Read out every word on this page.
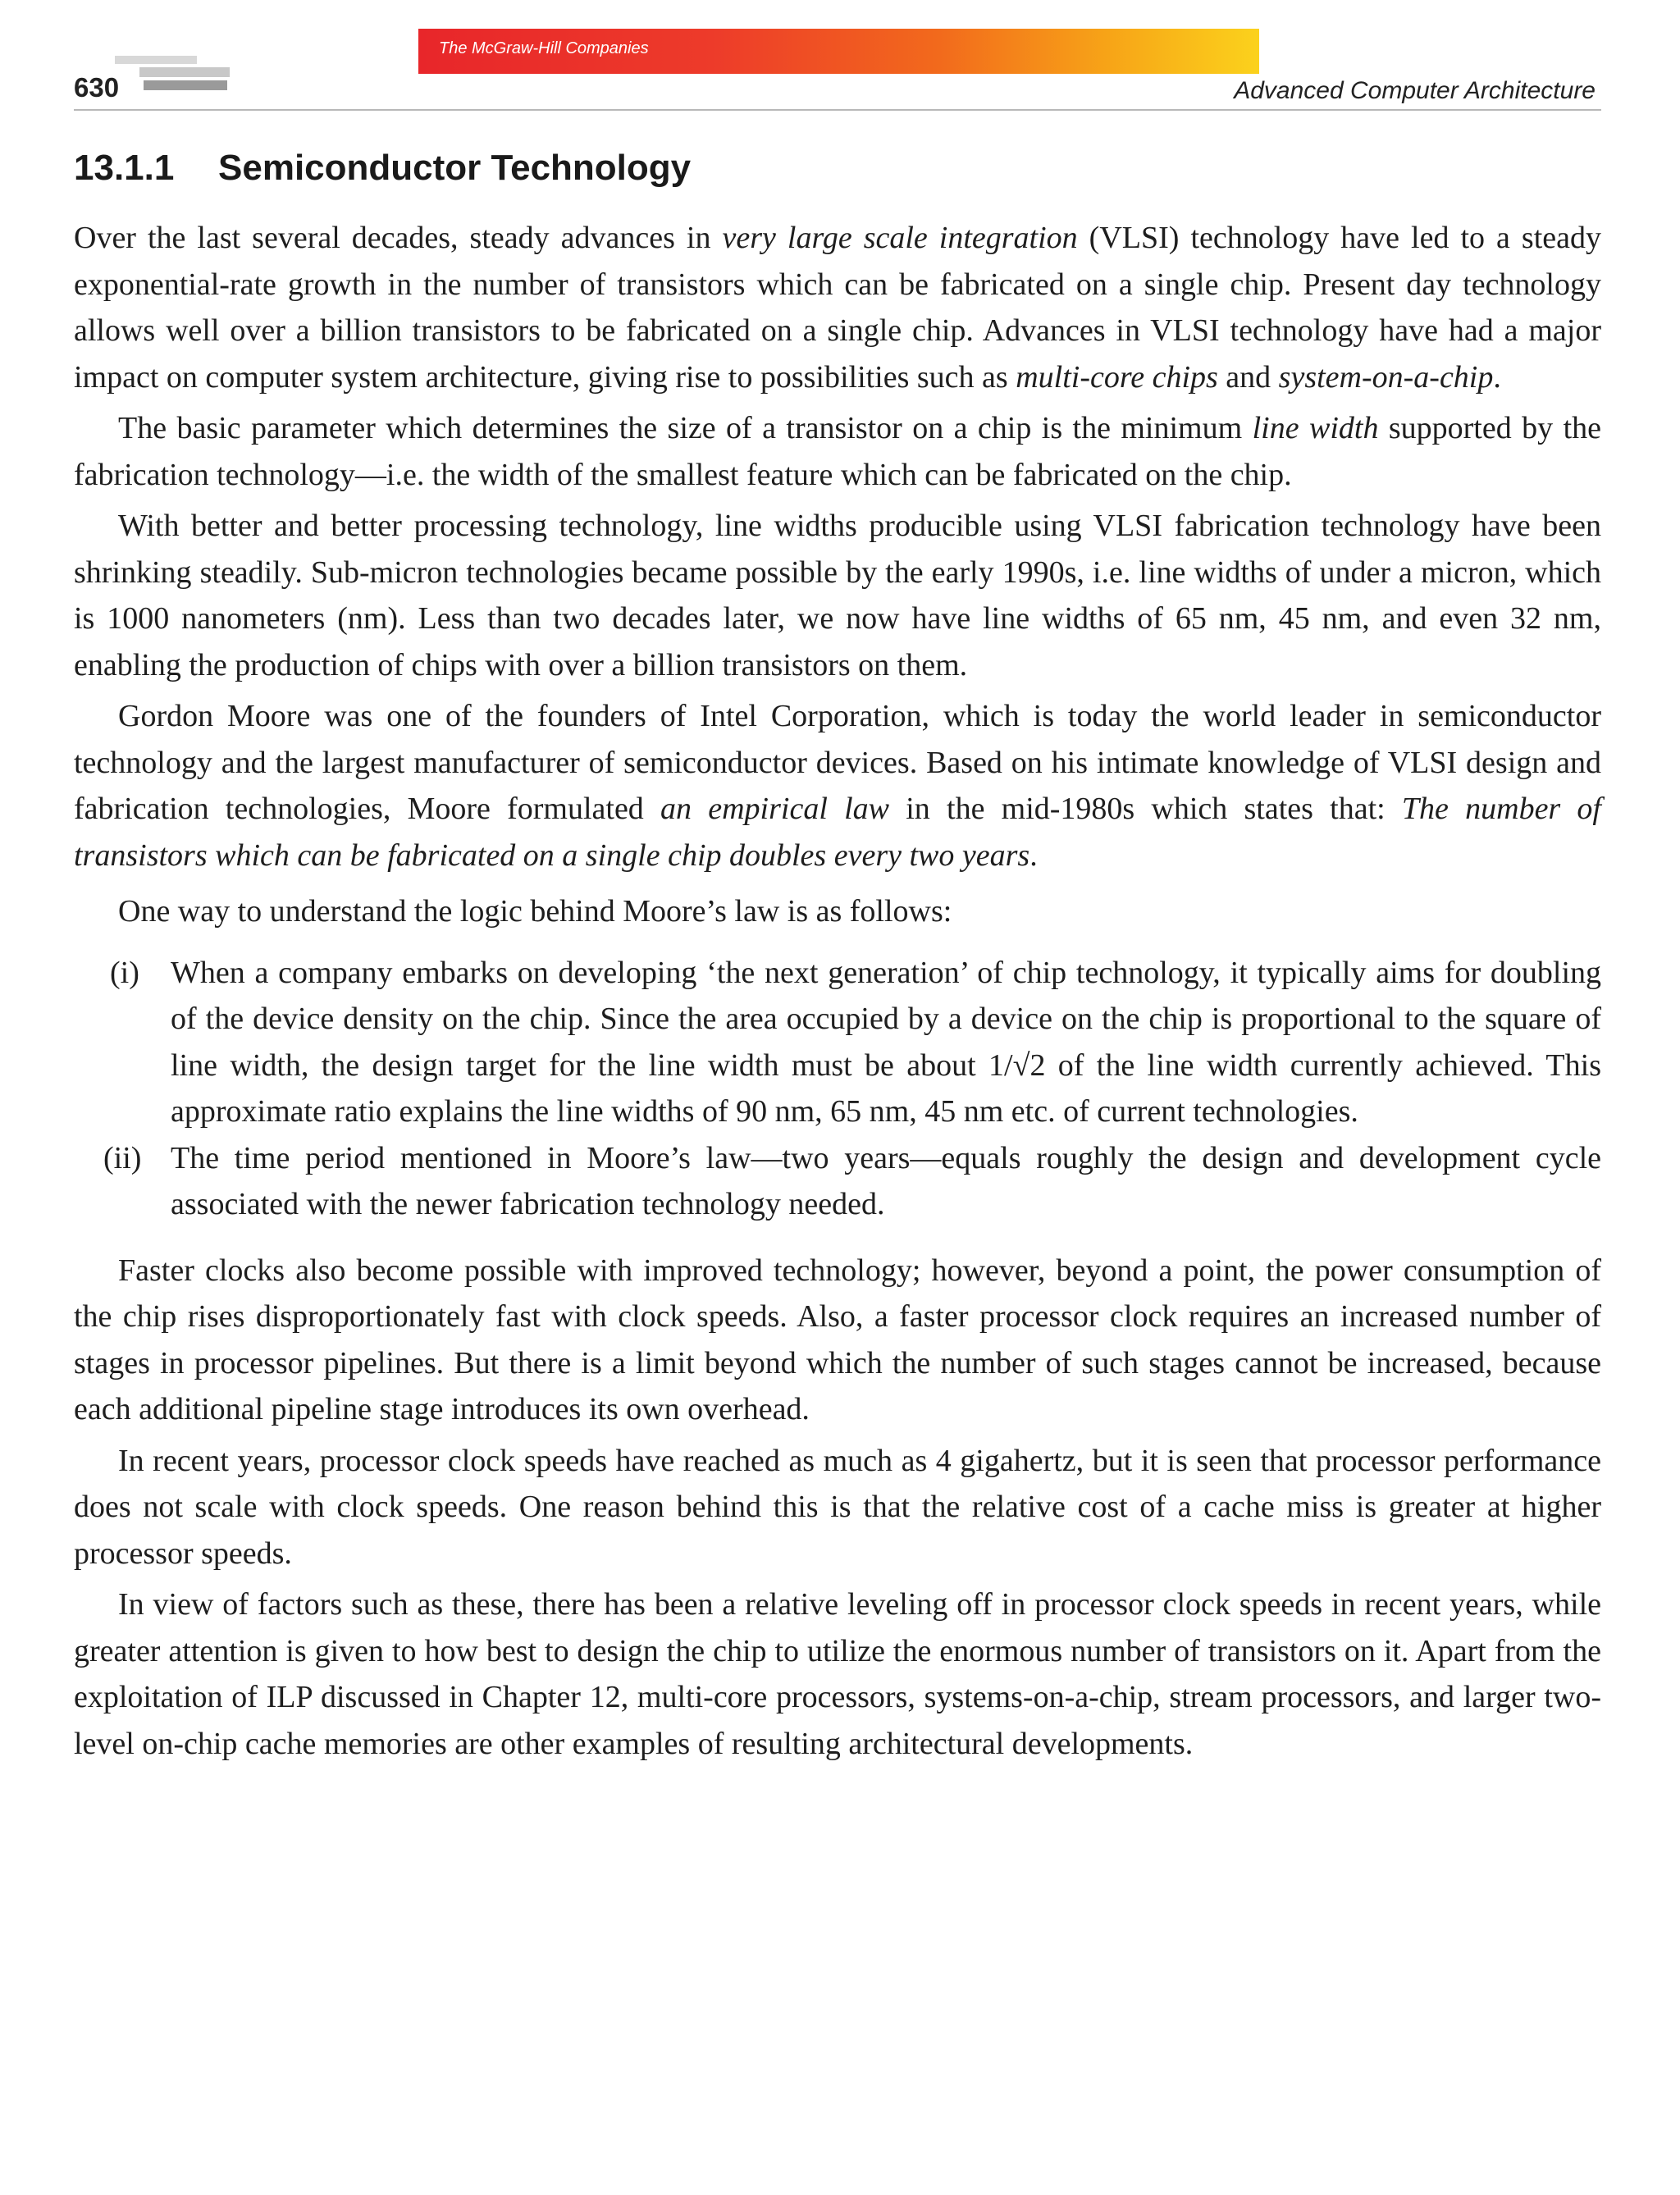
630
The McGraw-Hill Companies
Advanced Computer Architecture
13.1.1 Semiconductor Technology

Over the last several decades, steady advances in very large scale integration (VLSI) technology have led to a steady exponential-rate growth in the number of transistors which can be fabricated on a single chip. Present day technology allows well over a billion transistors to be fabricated on a single chip. Advances in VLSI technology have had a major impact on computer system architecture, giving rise to possibilities such as multi-core chips and system-on-a-chip.

The basic parameter which determines the size of a transistor on a chip is the minimum line width supported by the fabrication technology—i.e. the width of the smallest feature which can be fabricated on the chip.

With better and better processing technology, line widths producible using VLSI fabrication technology have been shrinking steadily. Sub-micron technologies became possible by the early 1990s, i.e. line widths of under a micron, which is 1000 nanometers (nm). Less than two decades later, we now have line widths of 65 nm, 45 nm, and even 32 nm, enabling the production of chips with over a billion transistors on them.

Gordon Moore was one of the founders of Intel Corporation, which is today the world leader in semiconductor technology and the largest manufacturer of semiconductor devices. Based on his intimate knowledge of VLSI design and fabrication technologies, Moore formulated an empirical law in the mid-1980s which states that: The number of transistors which can be fabricated on a single chip doubles every two years.

One way to understand the logic behind Moore’s law is as follows:

(i) When a company embarks on developing ‘the next generation’ of chip technology, it typically aims for doubling of the device density on the chip. Since the area occupied by a device on the chip is proportional to the square of line width, the design target for the line width must be about 1/√2 of the line width currently achieved. This approximate ratio explains the line widths of 90 nm, 65 nm, 45 nm etc. of current technologies.
(ii) The time period mentioned in Moore’s law—two years—equals roughly the design and development cycle associated with the newer fabrication technology needed.

Faster clocks also become possible with improved technology; however, beyond a point, the power consumption of the chip rises disproportionately fast with clock speeds. Also, a faster processor clock requires an increased number of stages in processor pipelines. But there is a limit beyond which the number of such stages cannot be increased, because each additional pipeline stage introduces its own overhead.

In recent years, processor clock speeds have reached as much as 4 gigahertz, but it is seen that processor performance does not scale with clock speeds. One reason behind this is that the relative cost of a cache miss is greater at higher processor speeds.

In view of factors such as these, there has been a relative leveling off in processor clock speeds in recent years, while greater attention is given to how best to design the chip to utilize the enormous number of transistors on it. Apart from the exploitation of ILP discussed in Chapter 12, multi-core processors, systems-on-a-chip, stream processors, and larger two-level on-chip cache memories are other examples of resulting architectural developments.
